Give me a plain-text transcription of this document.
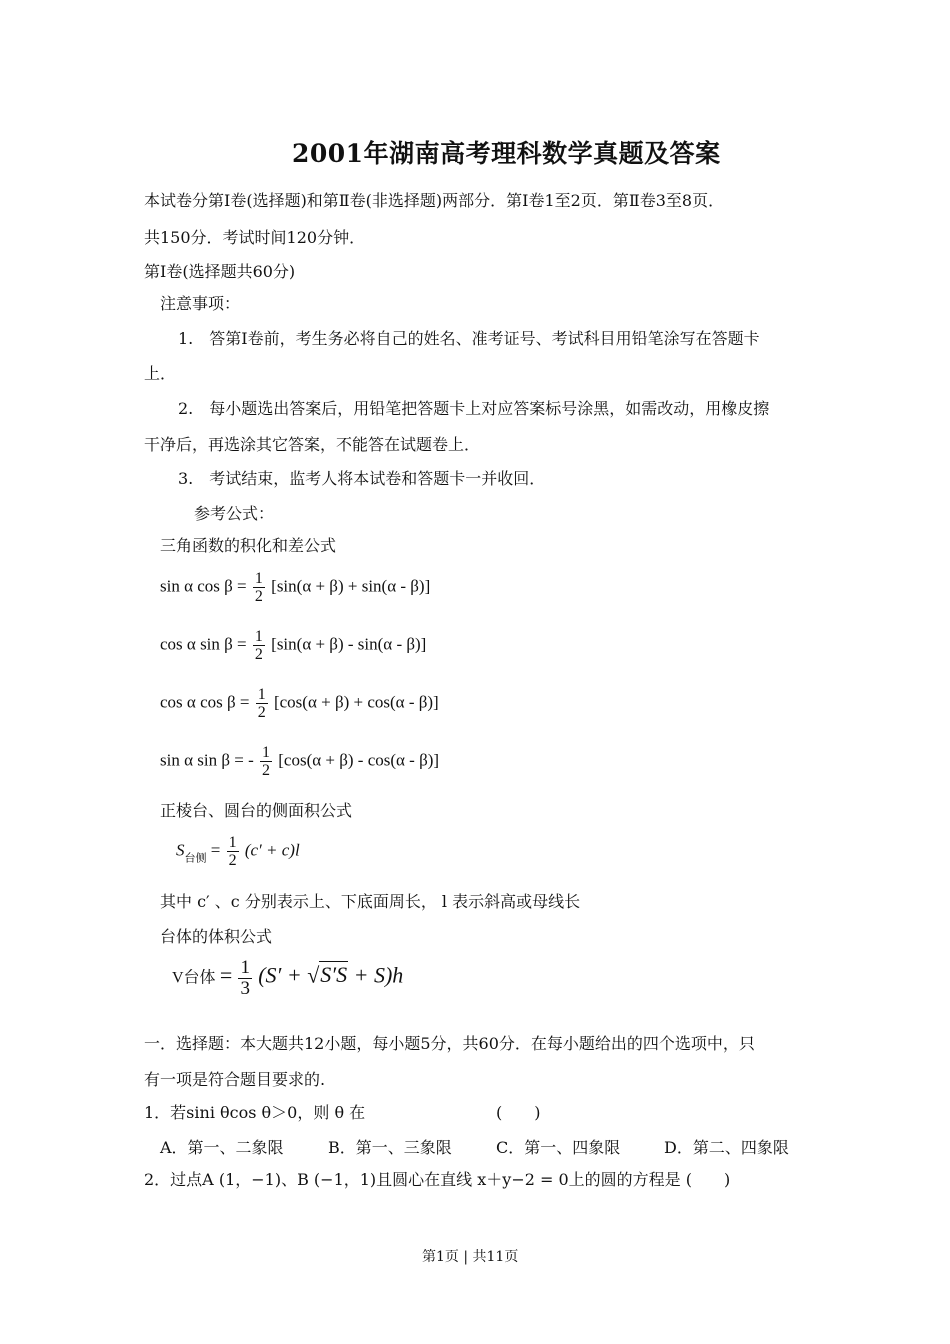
2001年湖南高考理科数学真题及答案
本试卷分第Ⅰ卷(选择题)和第Ⅱ卷(非选择题)两部分．第Ⅰ卷1至2页．第Ⅱ卷3至8页．
共150分．考试时间120分钟．
第Ⅰ卷(选择题共60分)
注意事项：
1.　答第Ⅰ卷前，考生务必将自己的姓名、准考证号、考试科目用铅笔涂写在答题卡
上．
2.　每小题选出答案后，用铅笔把答题卡上对应答案标号涂黑，如需改动，用橡皮擦
干净后，再选涂其它答案，不能答在试题卷上．
3.　考试结束，监考人将本试卷和答题卡一并收回．
参考公式：
三角函数的积化和差公式
sin α $\cos \beta = \frac{1}{2} [\sin(\alpha + \beta) + \sin(\alpha - \beta)]$
cos α $\sin \beta = \frac{1}{2} [\sin(\alpha + \beta) - \sin(\alpha - \beta)]$
cos α $\cos \beta = \frac{1}{2} [\cos(\alpha + \beta) + \cos(\alpha - \beta)]$
sin α sin β = - $\frac{1}{2} [\cos(\alpha + \beta) - \cos(\alpha - \beta)]$
正棱台、圆台的侧面积公式
$S_{台侧} = \frac{1}{2} (c' + c)l$
其中 c′ 、c 分别表示上、下底面周长， l 表示斜高或母线长
台体的体积公式
V台体 = $\frac{1}{3} (S' + √S'S + S)h$
一．选择题：本大题共12小题，每小题5分，共60分．在每小题给出的四个选项中，只
有一项是符合题目要求的.
1．若sini θcos θ＞0，则 θ 在	(　　)
A．第一、二象限	B．第一、三象限	C．第一、四象限	D．第二、四象限
2．过点A (1，−1)、B (−1，1)且圆心在直线 x＋y−2 = 0上的圆的方程是 (　　)
第1页 | 共11页
